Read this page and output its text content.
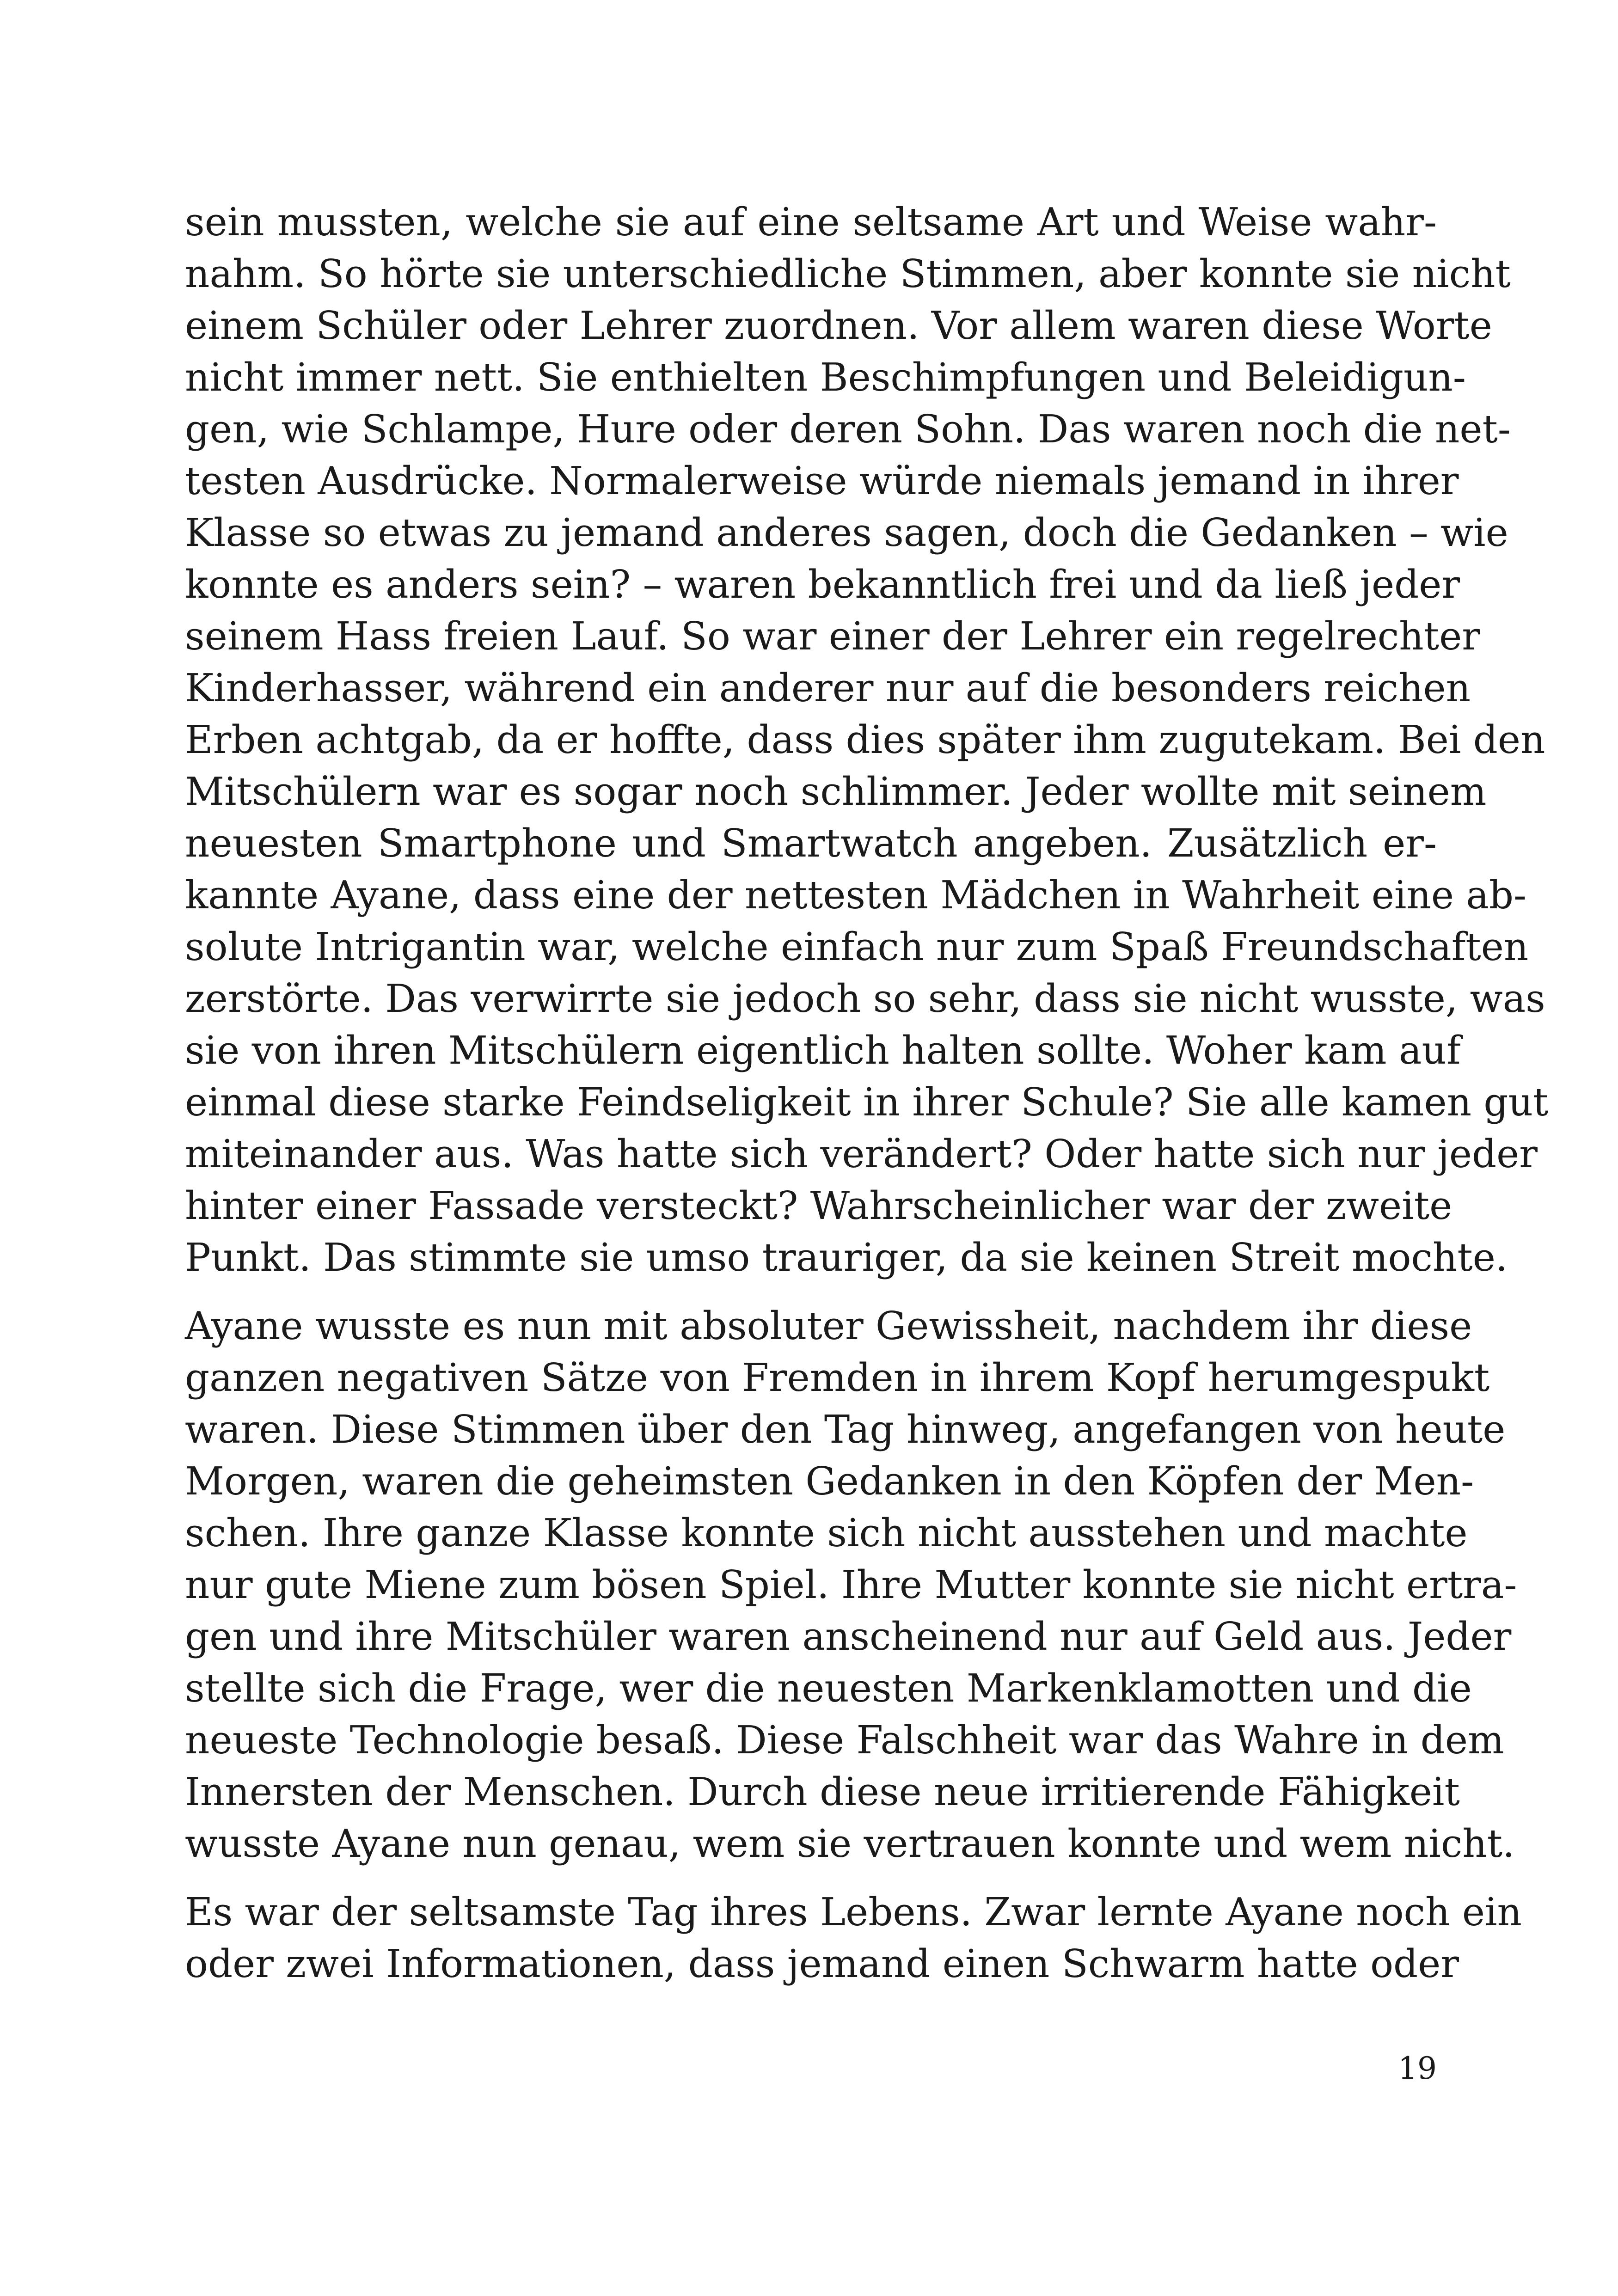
sein mussten, welche sie auf eine seltsame Art und Weise wahr-
nahm. So hörte sie unterschiedliche Stimmen, aber konnte sie nicht
einem Schüler oder Lehrer zuordnen. Vor allem waren diese Worte
nicht immer nett. Sie enthielten Beschimpfungen und Beleidigun-
gen, wie Schlampe, Hure oder deren Sohn. Das waren noch die net-
testen Ausdrücke. Normalerweise würde niemals jemand in ihrer
Klasse so etwas zu jemand anderes sagen, doch die Gedanken – wie
konnte es anders sein? – waren bekanntlich frei und da ließ jeder
seinem Hass freien Lauf. So war einer der Lehrer ein regelrechter
Kinderhasser, während ein anderer nur auf die besonders reichen
Erben achtgab, da er hoffte, dass dies später ihm zugutekam. Bei den
Mitschülern war es sogar noch schlimmer. Jeder wollte mit seinem
neuesten Smartphone und Smartwatch angeben. Zusätzlich er-
kannte Ayane, dass eine der nettesten Mädchen in Wahrheit eine ab-
solute Intrigantin war, welche einfach nur zum Spaß Freundschaften
zerstörte. Das verwirrte sie jedoch so sehr, dass sie nicht wusste, was
sie von ihren Mitschülern eigentlich halten sollte. Woher kam auf
einmal diese starke Feindseligkeit in ihrer Schule? Sie alle kamen gut
miteinander aus. Was hatte sich verändert? Oder hatte sich nur jeder
hinter einer Fassade versteckt? Wahrscheinlicher war der zweite
Punkt. Das stimmte sie umso trauriger, da sie keinen Streit mochte.
Ayane wusste es nun mit absoluter Gewissheit, nachdem ihr diese
ganzen negativen Sätze von Fremden in ihrem Kopf herumgespukt
waren. Diese Stimmen über den Tag hinweg, angefangen von heute
Morgen, waren die geheimsten Gedanken in den Köpfen der Men-
schen. Ihre ganze Klasse konnte sich nicht ausstehen und machte
nur gute Miene zum bösen Spiel. Ihre Mutter konnte sie nicht ertra-
gen und ihre Mitschüler waren anscheinend nur auf Geld aus. Jeder
stellte sich die Frage, wer die neuesten Markenklamotten und die
neueste Technologie besaß. Diese Falschheit war das Wahre in dem
Innersten der Menschen. Durch diese neue irritierende Fähigkeit
wusste Ayane nun genau, wem sie vertrauen konnte und wem nicht.
Es war der seltsamste Tag ihres Lebens. Zwar lernte Ayane noch ein
oder zwei Informationen, dass jemand einen Schwarm hatte oder
19
